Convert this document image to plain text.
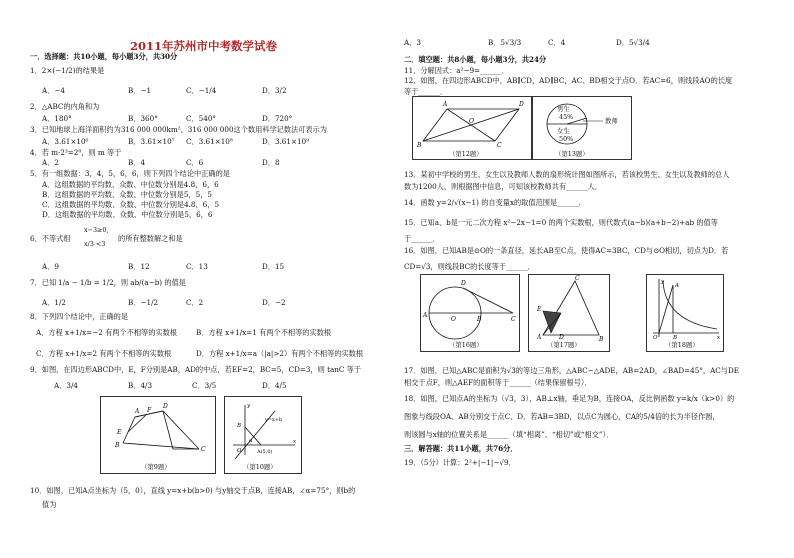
2011年苏州市中考数学试卷
一．选择题：共10小题，每小题3分，共30分
1．2×(−1/2)的结果是
A．−4	B．−1	C．−1/4	D．3/2
2．△ABC的内角和为
A．180°	B．360°	C．540°	D．720°
3．已知地球上海洋面积约为316 000 000km²，316 000 000这个数用科学记数法可表示为
A．3.61×10⁶	B．3.61×10⁷ C．3.61×10⁸	D．3.61×10⁹
4．若 m·2³=2⁸，则 m 等于
A．2	B．4	C．6	D．8
5．有一组数据：3，4，5，6，6，则下列四个结论中正确的是
A．这组数据的平均数、众数、中位数分别是4.8，6，6
B．这组数据的平均数、众数、中位数分别是5，5，5
C．这组数据的平均数、众数、中位数分别是4.8，6，5
D．这组数据的平均数、众数、中位数分别是5，6，6
6．不等式组
x−3≥0,
x/3 <3
的所有整数解之和是
A．9	B．12	C．13	D．15
7．已知 1/a − 1/b = 1/2，则 ab/(a−b) 的值是
A．1/2	B．−1/2	C．2	D．−2
8．下列四个结论中，正确的是
A．方程 x+1/x=−2 有两个不相等的实数根	B．方程 x+1/x=1 有两个不相等的实数根
C．方程 x+1/x=2 有两个不相等的实数根	D．方程 x+1/x=a（|a|>2）有两个不相等的实数根
9．如图，在四边形ABCD中，E，F分别是AB，AD的中点，若EF=2，BC=5，CD=3，则 tanC 等于
A．3/4	B．4/3	C．3/5	D．4/5
A
D
E
B
C
F
（第9题）
y
x
y=x+b
B
O	A(5,0)
α
（第10题）
10．如图，已知A点坐标为（5，0），直线 y=x+b(b>0) 与y轴交于点B，连接AB，∠α=75°，则b的
值为
A．3	B．5√3/3	C．4	D．5√3/4
二．填空题：共8小题，每小题3分，共24分
11．分解因式：a²−9=______．
12．如图，在四边形ABCD中，AB∥CD，AD∥BC，AC、BD相交于点O．若AC=6，则线段AO的长度
等于______．
A	D
B	C
O
（第12题）
男生
45%
女生
50%
教师
（第13题）
13．某初中学校的男生、女生以及教师人数的扇形统计图如图所示，若该校男生、女生以及教师的总人
数为1200人，则根据图中信息，可知该校教师共有______人．
14．函数 y=2/√(x−1) 的自变量x的取值范围是______．
15．已知a、b是一元二次方程 x²−2x−1=0 的两个实数根，则代数式(a−b)(a+b−2)+ab 的值等
于______．
16．如图，已知AB是⊙O的一条直径，延长AB至C点，使得AC=3BC，CD与⊙O相切，切点为D．若
CD=√3，则线段BC的长度等于______．
A
B	C
D
O
（第16题）
C
E
A	B
D
（第17题）
y
x
A
O	B
（第18题）
17．如图，已知△ABC是面积为√3的等边三角形，△ABC∽△ADE，AB=2AD，∠BAD=45°，AC与DE
相交于点F，则△AEF的面积等于______（结果保留根号）．
18．如图，已知点A的坐标为（√3，3），AB⊥x轴，垂足为B，连接OA，反比例函数 y=k/x（k>0）的
图象与线段OA、AB分别交于点C、D．若AB=3BD，以点C为圆心，CA的5/4倍的长为半径作圆，
则该圆与x轴的位置关系是______（填“相离”、“相切”或“相交”）．
三．解答题：共11小题，共76分．
19．（5分）计算：2²+|−1|−√9．
